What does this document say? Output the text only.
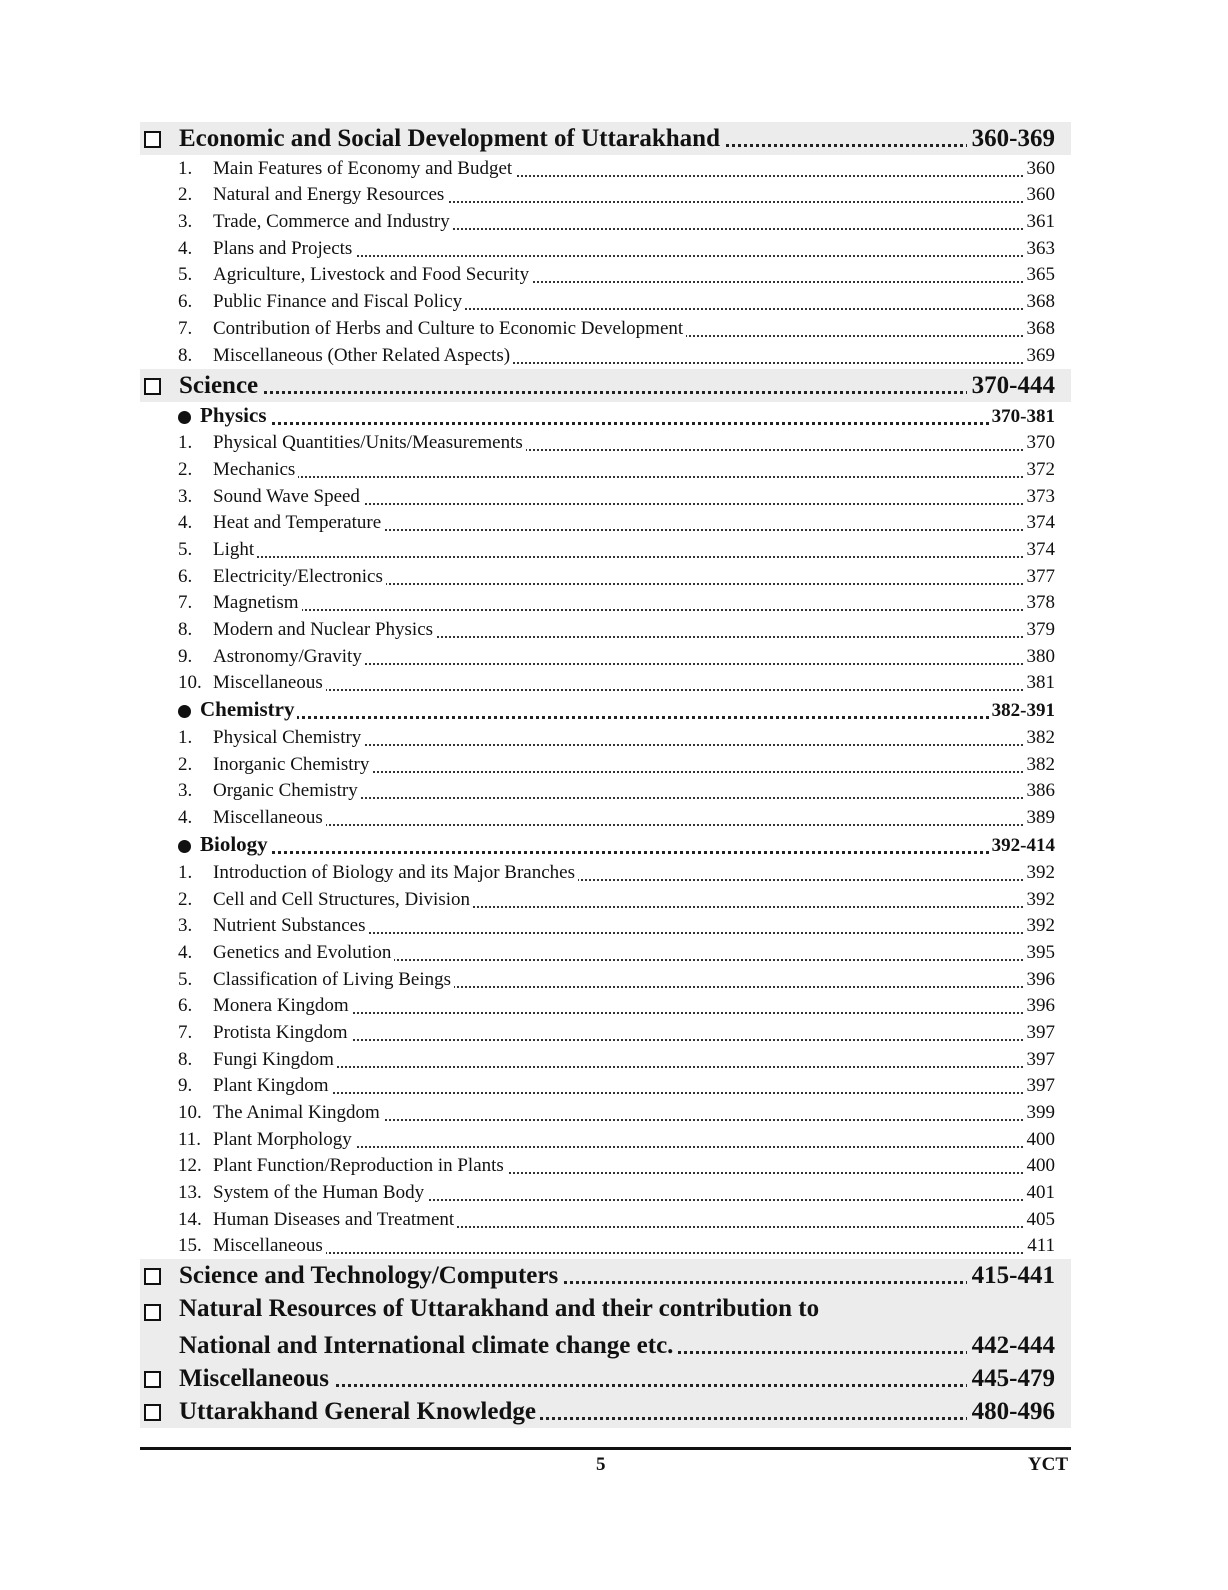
Economic and Social Development of Uttarakhand	360-369
1. Main Features of Economy and Budget	360
2. Natural and Energy Resources	360
3. Trade, Commerce and Industry	361
4. Plans and Projects	363
5. Agriculture, Livestock and Food Security	365
6. Public Finance and Fiscal Policy	368
7. Contribution of Herbs and Culture to Economic Development	368
8. Miscellaneous (Other Related Aspects)	369
Science	370-444
Physics	370-381
1. Physical Quantities/Units/Measurements	370
2. Mechanics	372
3. Sound Wave Speed	373
4. Heat and Temperature	374
5. Light	374
6. Electricity/Electronics	377
7. Magnetism	378
8. Modern and Nuclear Physics	379
9. Astronomy/Gravity	380
10. Miscellaneous	381
Chemistry	382-391
1. Physical Chemistry	382
2. Inorganic Chemistry	382
3. Organic Chemistry	386
4. Miscellaneous	389
Biology	392-414
1. Introduction of Biology and its Major Branches	392
2. Cell and Cell Structures, Division	392
3. Nutrient Substances	392
4. Genetics and Evolution	395
5. Classification of Living Beings	396
6. Monera Kingdom	396
7. Protista Kingdom	397
8. Fungi Kingdom	397
9. Plant Kingdom	397
10. The Animal Kingdom	399
11. Plant Morphology	400
12. Plant Function/Reproduction in Plants	400
13. System of the Human Body	401
14. Human Diseases and Treatment	405
15. Miscellaneous	411
Science and Technology/Computers	415-441
Natural Resources of Uttarakhand and their contribution to
National and International climate change etc.	442-444
Miscellaneous	445-479
Uttarakhand General Knowledge	480-496
5	YCT
